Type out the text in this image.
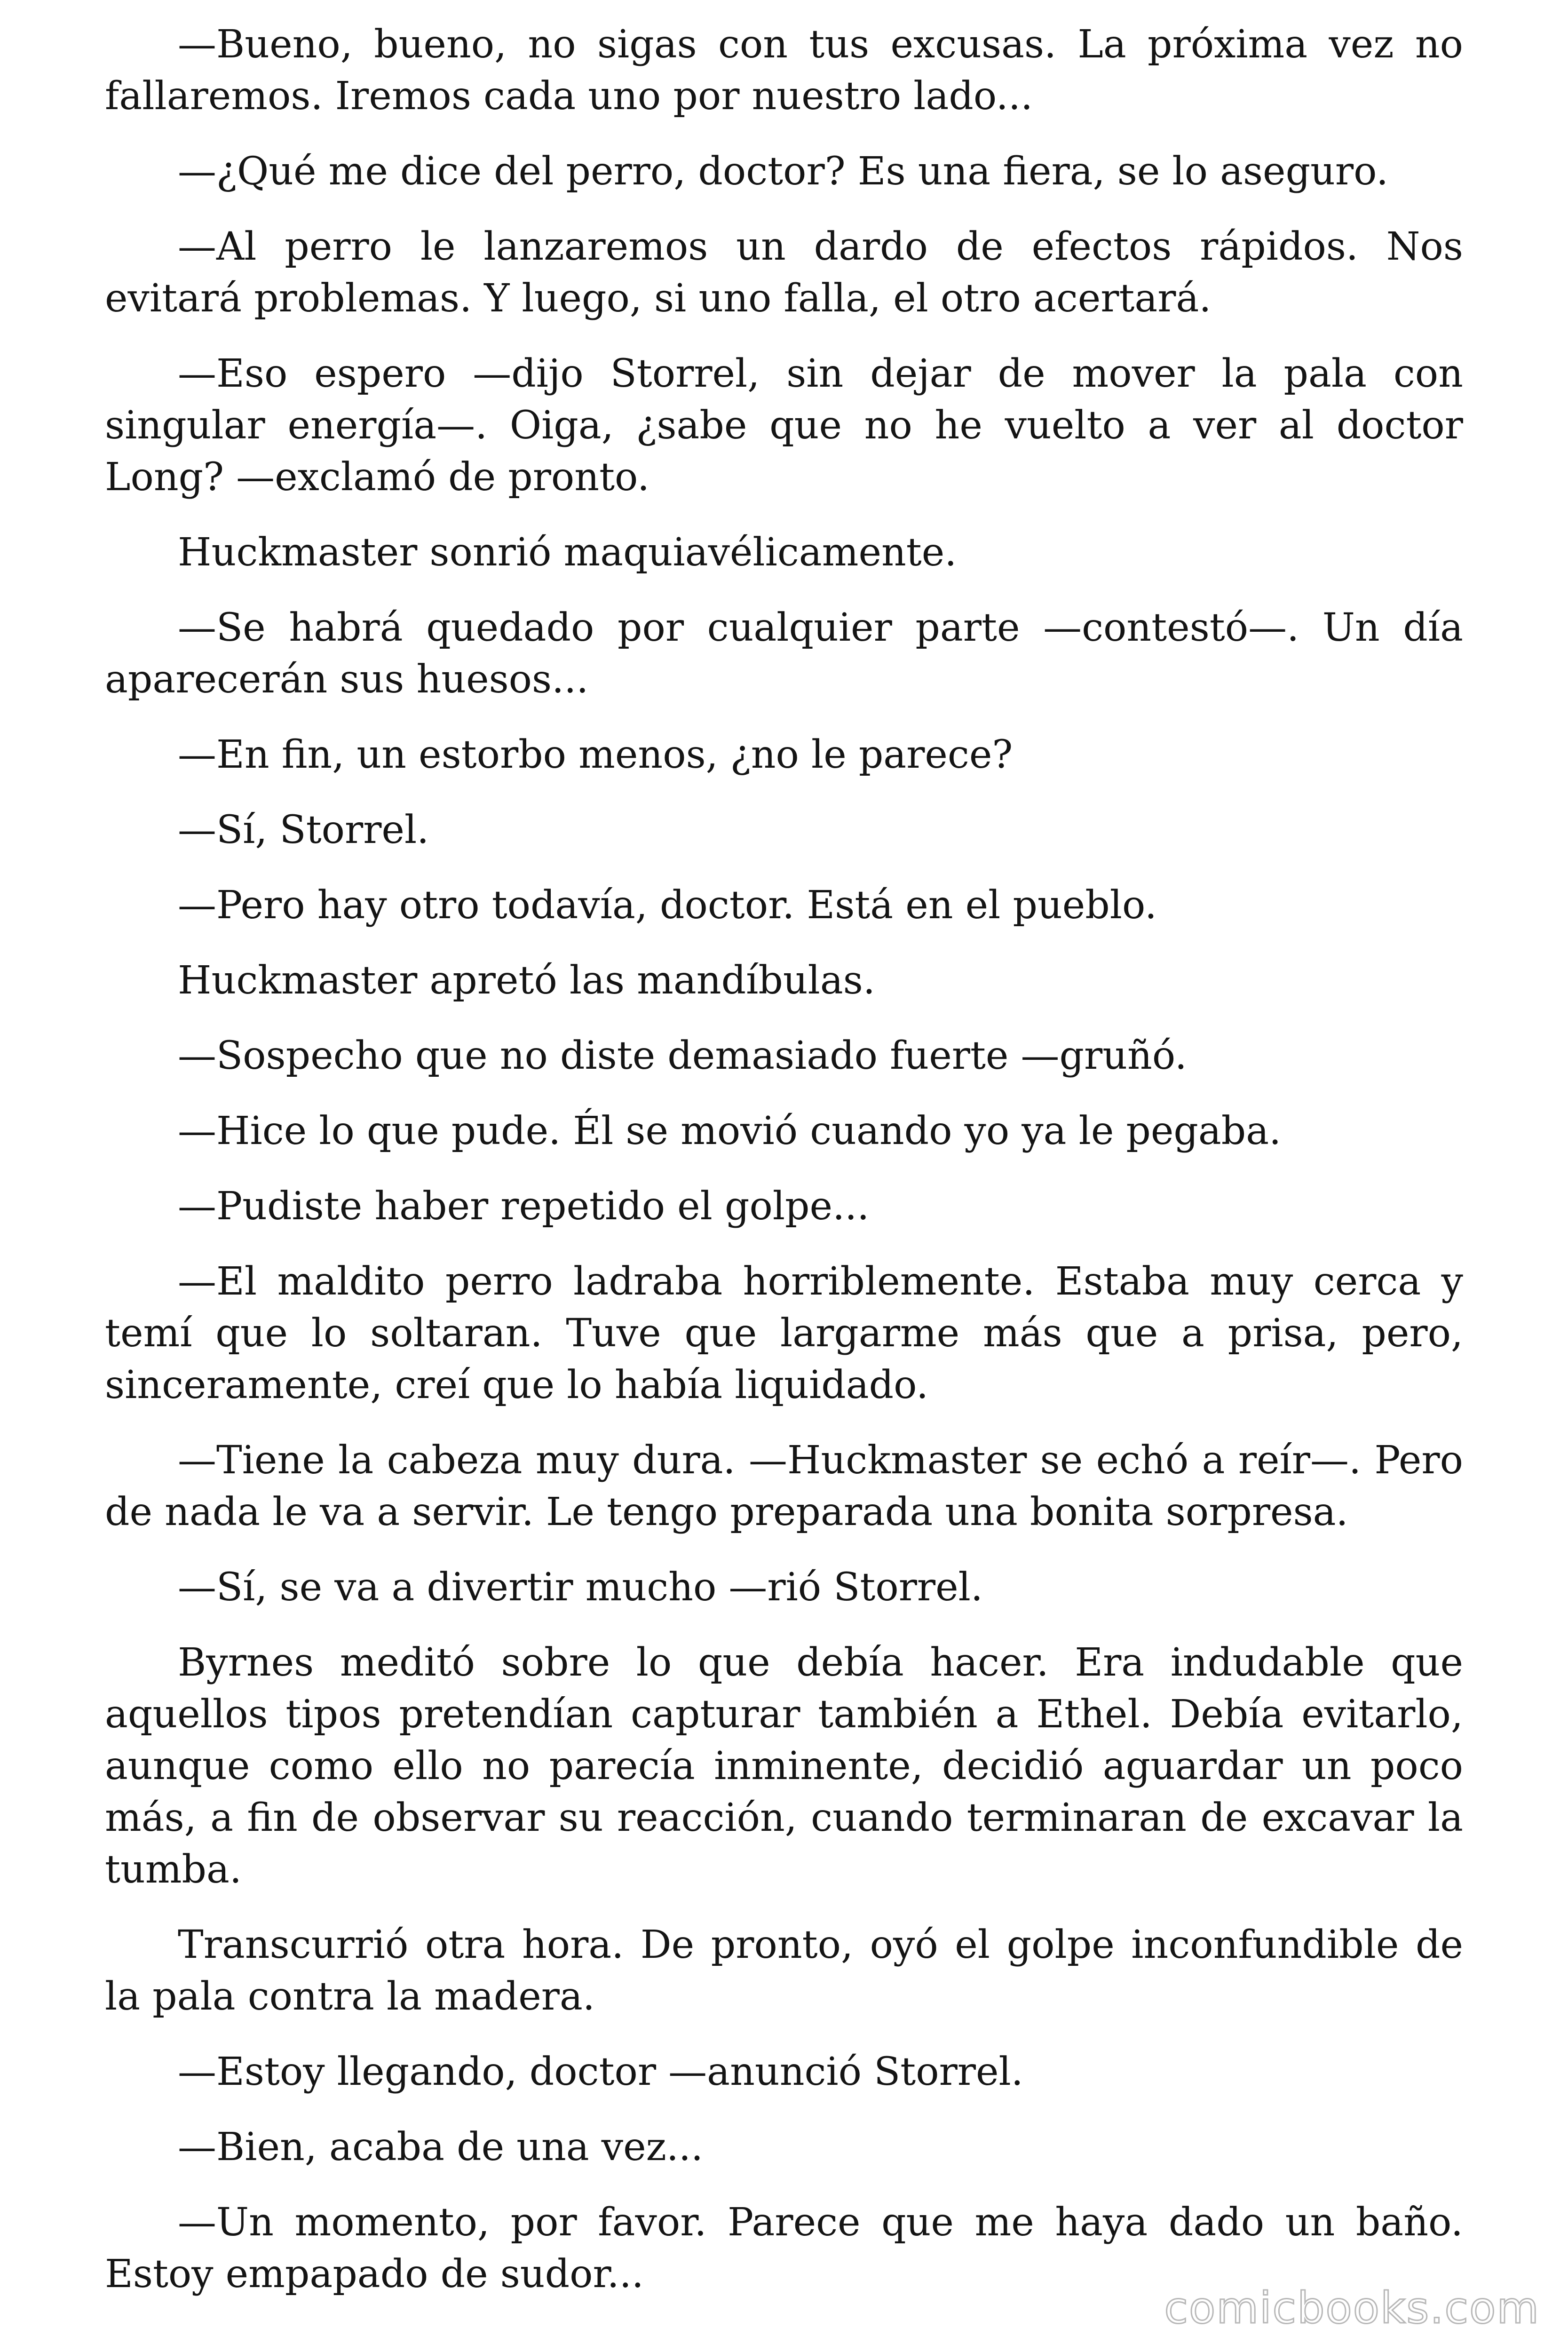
—Bueno, bueno, no sigas con tus excusas. La próxima vez no fallaremos. Iremos cada uno por nuestro lado...

—¿Qué me dice del perro, doctor? Es una fiera, se lo aseguro.

—Al perro le lanzaremos un dardo de efectos rápidos. Nos evitará problemas. Y luego, si uno falla, el otro acertará.

—Eso espero —dijo Storrel, sin dejar de mover la pala con singular energía—. Oiga, ¿sabe que no he vuelto a ver al doctor Long? —exclamó de pronto.

Huckmaster sonrió maquiavélicamente.

—Se habrá quedado por cualquier parte —contestó—. Un día aparecerán sus huesos...

—En fin, un estorbo menos, ¿no le parece?

—Sí, Storrel.

—Pero hay otro todavía, doctor. Está en el pueblo.

Huckmaster apretó las mandíbulas.

—Sospecho que no diste demasiado fuerte —gruñó.

—Hice lo que pude. Él se movió cuando yo ya le pegaba.

—Pudiste haber repetido el golpe...

—El maldito perro ladraba horriblemente. Estaba muy cerca y temí que lo soltaran. Tuve que largarme más que a prisa, pero, sinceramente, creí que lo había liquidado.

—Tiene la cabeza muy dura. —Huckmaster se echó a reír—. Pero de nada le va a servir. Le tengo preparada una bonita sorpresa.

—Sí, se va a divertir mucho —rió Storrel.

Byrnes meditó sobre lo que debía hacer. Era indudable que aquellos tipos pretendían capturar también a Ethel. Debía evitarlo, aunque como ello no parecía inminente, decidió aguardar un poco más, a fin de observar su reacción, cuando terminaran de excavar la tumba.

Transcurrió otra hora. De pronto, oyó el golpe inconfundible de la pala contra la madera.

—Estoy llegando, doctor —anunció Storrel.

—Bien, acaba de una vez...

—Un momento, por favor. Parece que me haya dado un baño. Estoy empapado de sudor...

comicbooks.com
